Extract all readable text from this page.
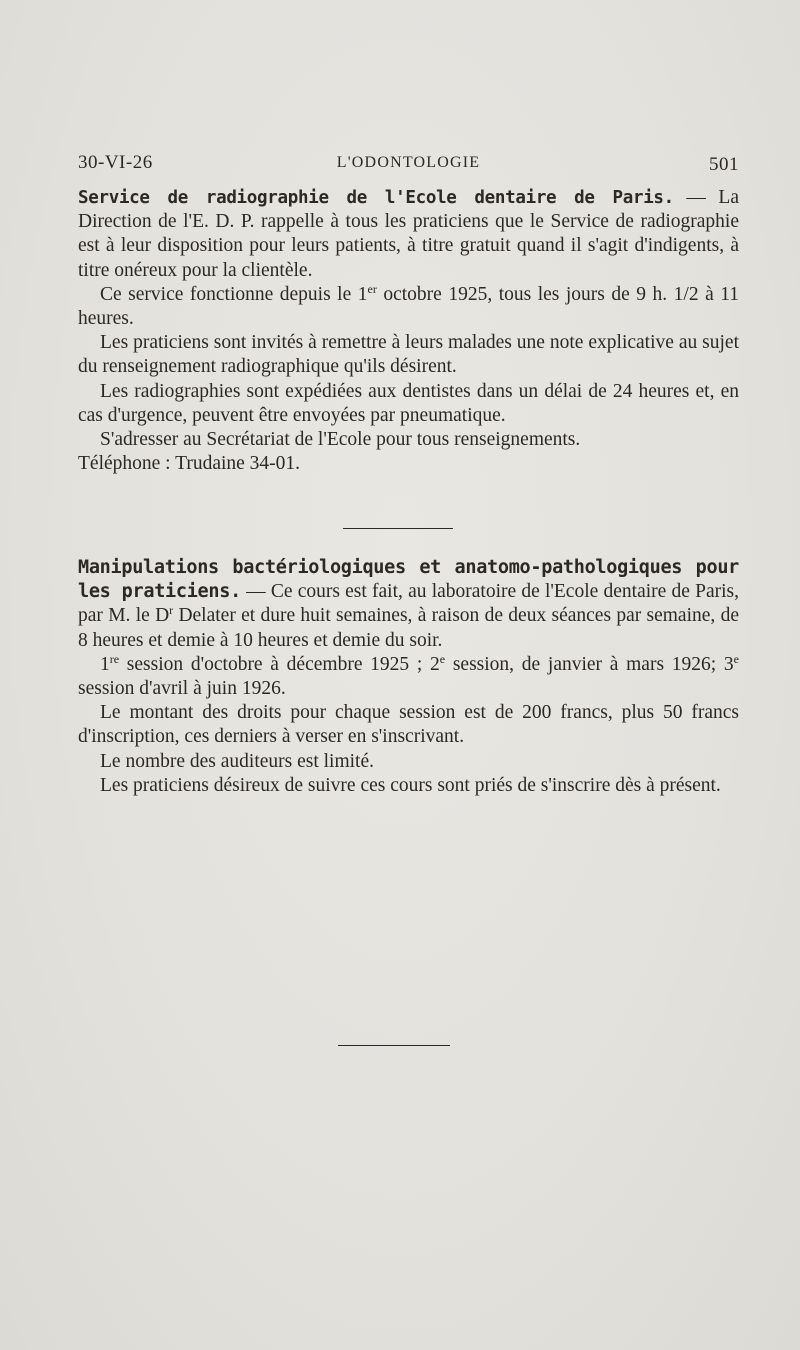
30-VI-26	L'ODONTOLOGIE	501

Service de radiographie de l'Ecole dentaire de Paris. — La Direction de l'E. D. P. rappelle à tous les praticiens que le Service de radiographie est à leur disposition pour leurs patients, à titre gratuit quand il s'agit d'indigents, à titre onéreux pour la clientèle.

Ce service fonctionne depuis le 1er octobre 1925, tous les jours de 9 h. 1/2 à 11 heures.

Les praticiens sont invités à remettre à leurs malades une note explicative au sujet du renseignement radiographique qu'ils désirent.

Les radiographies sont expédiées aux dentistes dans un délai de 24 heures et, en cas d'urgence, peuvent être envoyées par pneumatique.

S'adresser au Secrétariat de l'Ecole pour tous renseignements.

Téléphone : Trudaine 34-01.

Manipulations bactériologiques et anatomo-pathologiques pour les praticiens. — Ce cours est fait, au laboratoire de l'Ecole dentaire de Paris, par M. le $D^r$ Delater et dure huit semaines, à raison de deux séances par semaine, de 8 heures et demie à 10 heures et demie du soir.

1re session d'octobre à décembre 1925 ; 2e session, de janvier à mars 1926; 3e session d'avril à juin 1926.

Le montant des droits pour chaque session est de 200 francs, plus 50 francs d'inscription, ces derniers à verser en s'inscrivant.

Le nombre des auditeurs est limité.

Les praticiens désireux de suivre ces cours sont priés de s'inscrire dès à présent.
